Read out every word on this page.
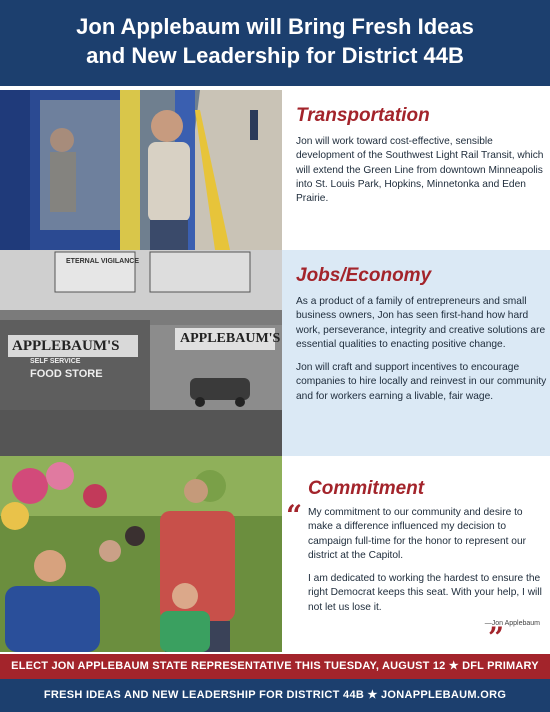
Jon Applebaum will Bring Fresh Ideas
and New Leadership for District 44B
ETERNAL VIGILANCE
APPLEBAUM'S	APPLEBAUM'S
FOOD STORE
SELF SERVICE
Transportation

Jon will work toward cost-effective, sensible development of the Southwest Light Rail Transit, which will extend the Green Line from downtown Minneapolis into St. Louis Park, Hopkins, Minnetonka and Eden Prairie.

Jobs/Economy

As a product of a family of entrepreneurs and small business owners, Jon has seen first-hand how hard work, perseverance, integrity and creative solutions are essential qualities to enacting positive change.

Jon will craft and support incentives to encourage companies to hire locally and reinvest in our community and for workers earning a livable, fair wage.

Commitment
“ My commitment to our community and desire to make a difference influenced my decision to campaign full-time for the honor to represent our district at the Capitol.

I am dedicated to working the hardest to ensure the right Democrat keeps this seat. With your help, I will not let us lose it.

”
—Jon Applebaum
ELECT JON APPLEBAUM STATE REPRESENTATIVE THIS TUESDAY, AUGUST 12 ★ DFL PRIMARY
FRESH IDEAS AND NEW LEADERSHIP FOR DISTRICT 44B ★ JONAPPLEBAUM.ORG
